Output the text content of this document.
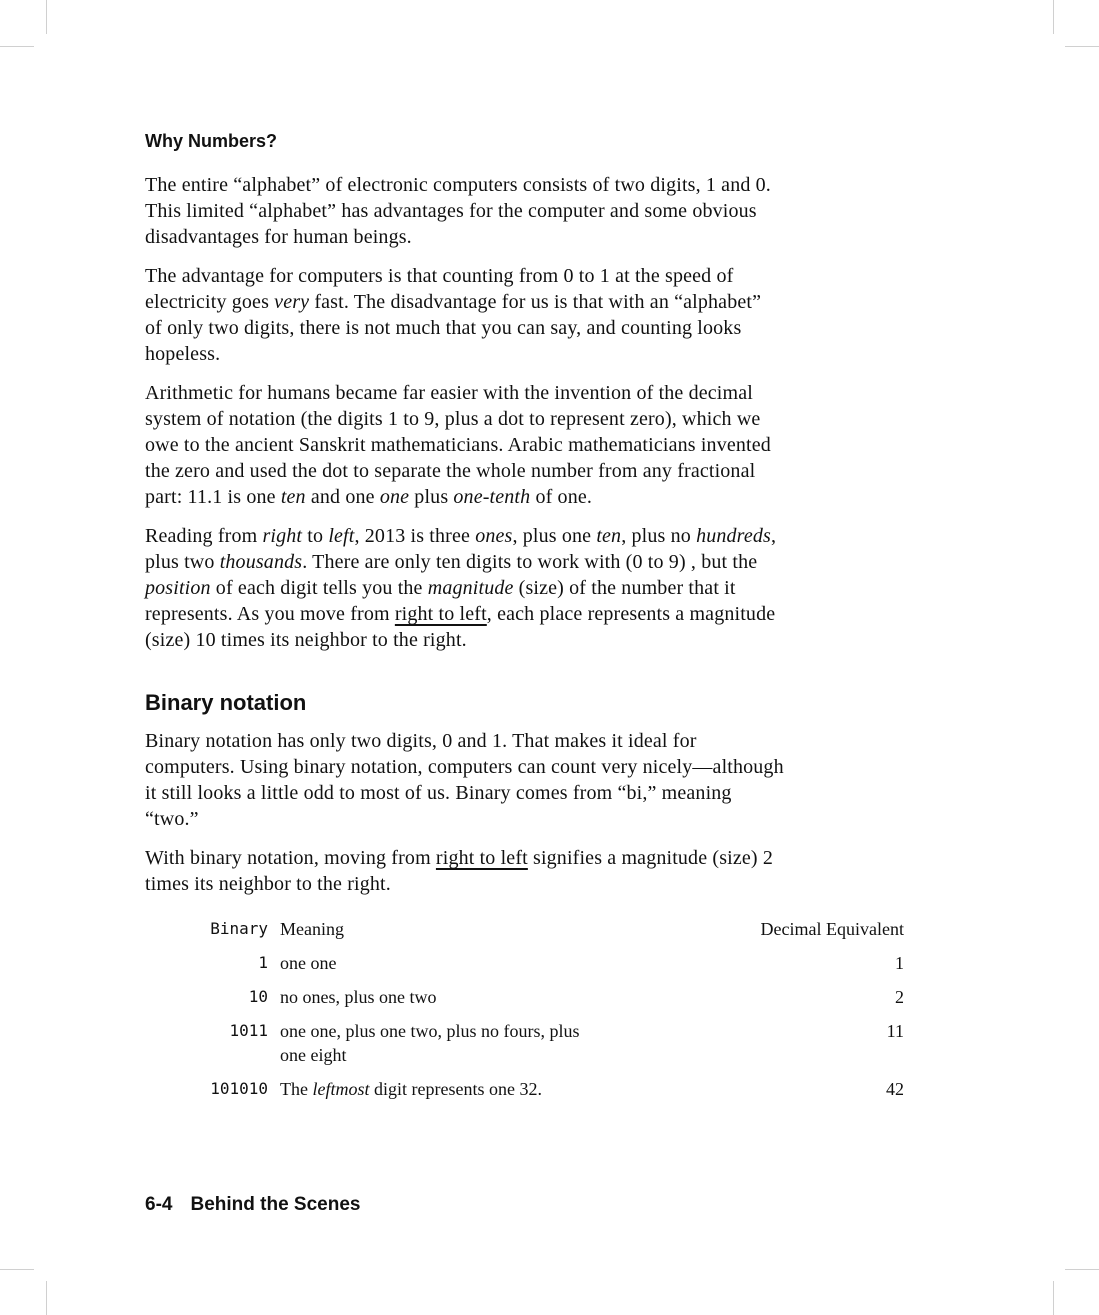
Why Numbers?

The entire “alphabet” of electronic computers consists of two digits, 1 and 0.
This limited “alphabet” has advantages for the computer and some obvious
disadvantages for human beings.

The advantage for computers is that counting from 0 to 1 at the speed of
electricity goes very fast. The disadvantage for us is that with an “alphabet”
of only two digits, there is not much that you can say, and counting looks
hopeless.

Arithmetic for humans became far easier with the invention of the decimal
system of notation (the digits 1 to 9, plus a dot to represent zero), which we
owe to the ancient Sanskrit mathematicians. Arabic mathematicians invented
the zero and used the dot to separate the whole number from any fractional
part: 11.1 is one ten and one one plus one-tenth of one.

Reading from right to left, 2013 is three ones, plus one ten, plus no hundreds,
plus two thousands. There are only ten digits to work with (0 to 9) , but the
position of each digit tells you the magnitude (size) of the number that it
represents. As you move from right to left, each place represents a magnitude
(size) 10 times its neighbor to the right.

Binary notation

Binary notation has only two digits, 0 and 1. That makes it ideal for
computers. Using binary notation, computers can count very nicely—although
it still looks a little odd to most of us. Binary comes from “bi,” meaning
“two.”

With binary notation, moving from right to left signifies a magnitude (size) 2
times its neighbor to the right.

Binary	Meaning	Decimal Equivalent
1	one one	1
10	no ones, plus one two	2
1011	one one, plus one two, plus no fours, plus
one eight	11
101010	The leftmost digit represents one 32.	42
6-4 Behind the Scenes
